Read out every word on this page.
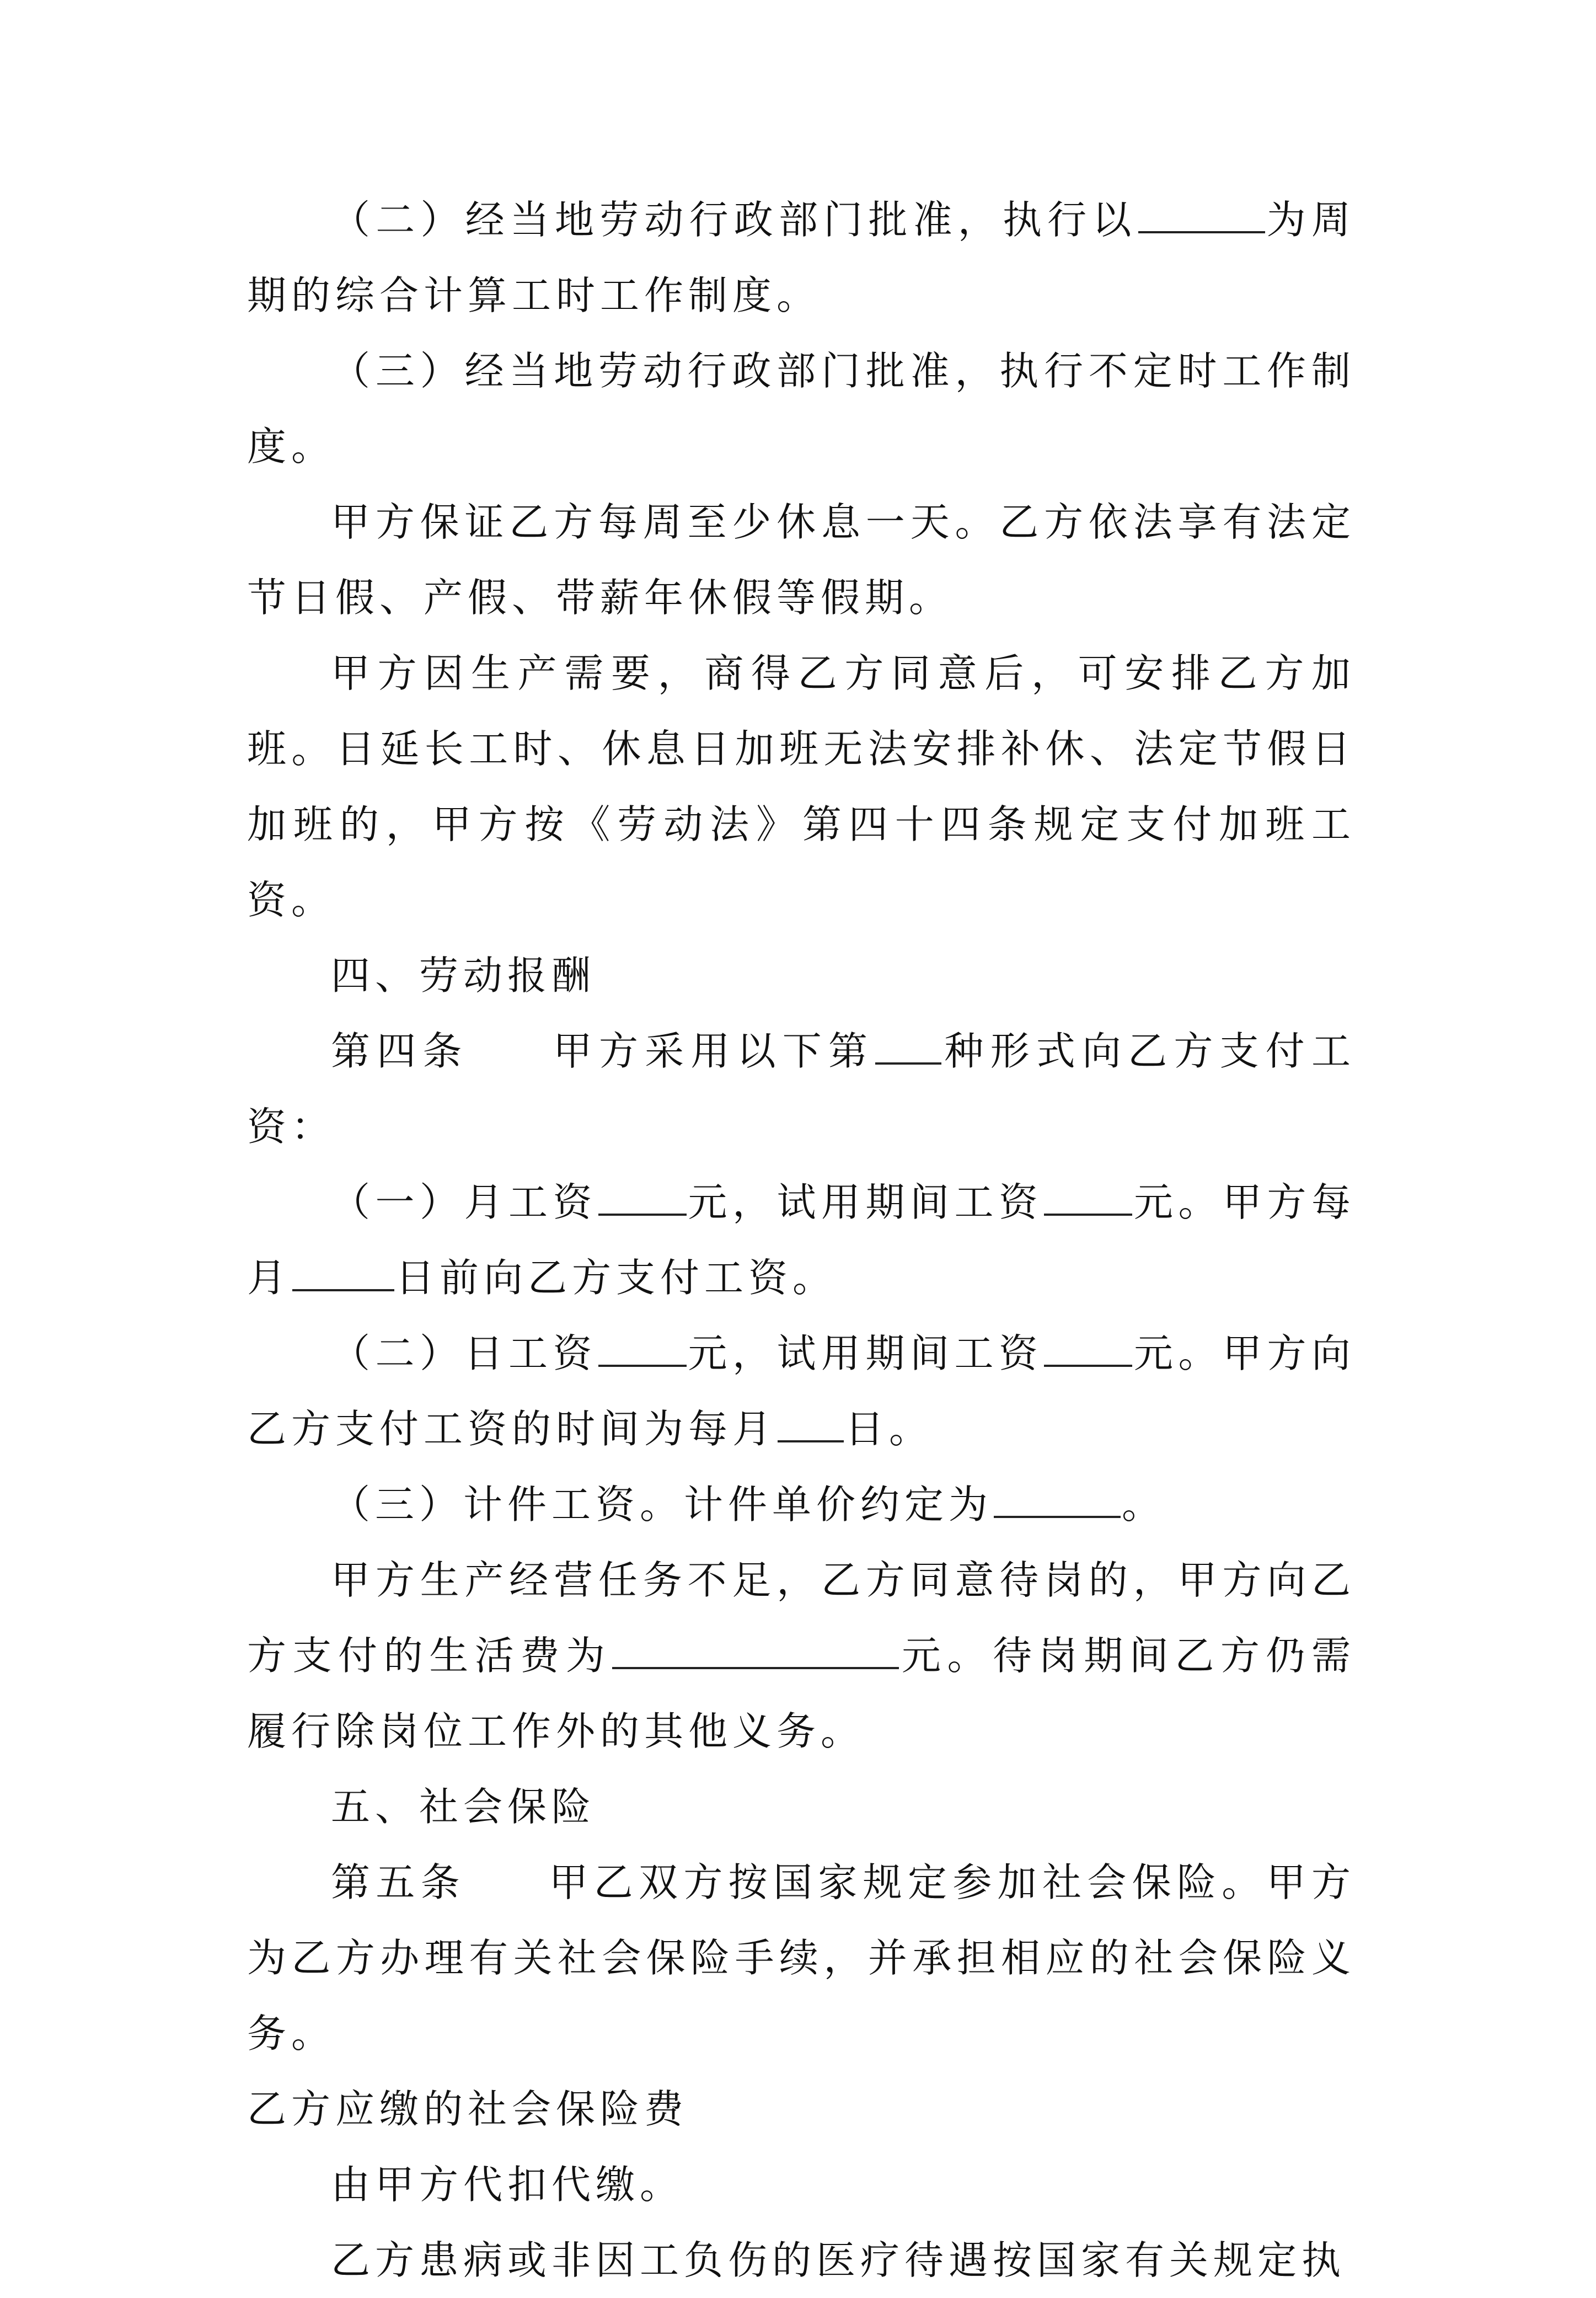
（二）经当地劳动行政部门批准，执行以	为周期的综合计算工时工作制度。

（三）经当地劳动行政部门批准，执行不定时工作制度。

甲方保证乙方每周至少休息一天。乙方依法享有法定节日假、产假、带薪年休假等假期。

甲方因生产需要，商得乙方同意后，可安排乙方加班。日延长工时、休息日加班无法安排补休、法定节假日加班的，甲方按《劳动法》第四十四条规定支付加班工资。

四、劳动报酬

第四条 甲方采用以下第 种形式向乙方支付工资：

（一）月工资 元，试用期间工资 元。甲方每月	日前向乙方支付工资。

（二）日工资 元，试用期间工资 元。甲方向乙方支付工资的时间为每月 日。

（三）计件工资。计件单价约定为	。

甲方生产经营任务不足，乙方同意待岗的，甲方向乙方支付的生活费为	元。待岗期间乙方仍需履行除岗位工作外的其他义务。

五、社会保险

第五条 甲乙双方按国家规定参加社会保险。甲方为乙方办理有关社会保险手续，并承担相应的社会保险义务。

乙方应缴的社会保险费

由甲方代扣代缴。

乙方患病或非因工负伤的医疗待遇按国家有关规定执
